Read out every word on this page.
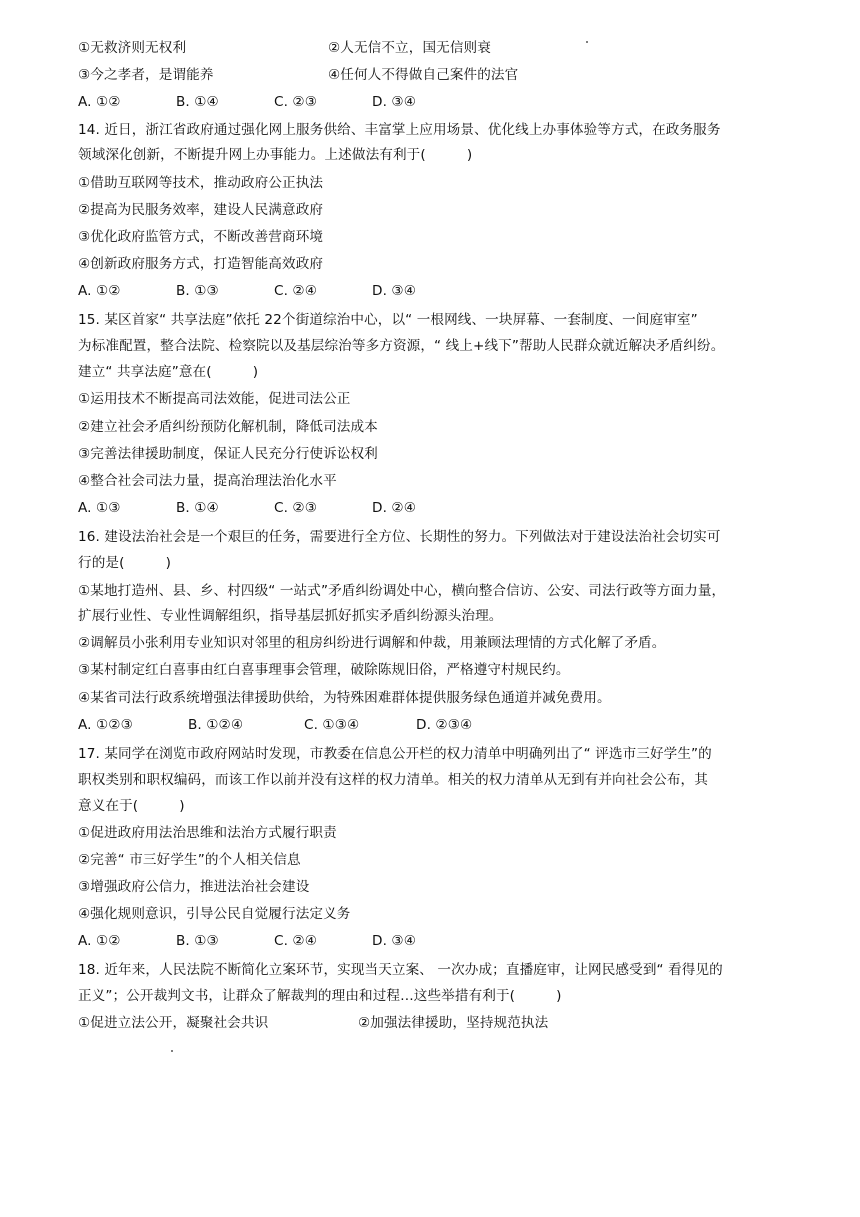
①无救济则无权利	②人无信不立，国无信则衰
③今之孝者，是谓能养	④任何人不得做自己案件的法官
A. ①②	B. ①④	C. ②③	D. ③④
14. 近日，浙江省政府通过强化网上服务供给、丰富掌上应用场景、优化线上办事体验等方式，在政务服务
领域深化创新，不断提升网上办事能力。上述做法有利于(　　　)
①借助互联网等技术，推动政府公正执法
②提高为民服务效率，建设人民满意政府
③优化政府监管方式，不断改善营商环境
④创新政府服务方式，打造智能高效政府
A. ①②	B. ①③	C. ②④	D. ③④
15. 某区首家“ 共享法庭”依托 22个街道综治中心，以“ 一根网线、一块屏幕、一套制度、一间庭审室”
为标准配置，整合法院、检察院以及基层综治等多方资源，“ 线上+线下”帮助人民群众就近解决矛盾纠纷。
建立“ 共享法庭”意在(　　　)
①运用技术不断提高司法效能，促进司法公正
②建立社会矛盾纠纷预防化解机制，降低司法成本
③完善法律援助制度，保证人民充分行使诉讼权利
④整合社会司法力量，提高治理法治化水平
A. ①③	B. ①④	C. ②③	D. ②④
16. 建设法治社会是一个艰巨的任务，需要进行全方位、长期性的努力。下列做法对于建设法治社会切实可
行的是(　　　)
①某地打造州、县、乡、村四级“ 一站式”矛盾纠纷调处中心，横向整合信访、公安、司法行政等方面力量，
扩展行业性、专业性调解组织，指导基层抓好抓实矛盾纠纷源头治理。
②调解员小张利用专业知识对邻里的租房纠纷进行调解和仲裁，用兼顾法理情的方式化解了矛盾。
③某村制定红白喜事由红白喜事理事会管理，破除陈规旧俗，严格遵守村规民约。
④某省司法行政系统增强法律援助供给，为特殊困难群体提供服务绿色通道并减免费用。
A. ①②③	B. ①②④	C. ①③④	D. ②③④
17. 某同学在浏览市政府网站时发现，市教委在信息公开栏的权力清单中明确列出了“ 评选市三好学生”的
职权类别和职权编码，而该工作以前并没有这样的权力清单。相关的权力清单从无到有并向社会公布，其
意义在于(　　　)
①促进政府用法治思维和法治方式履行职责
②完善“ 市三好学生”的个人相关信息
③增强政府公信力，推进法治社会建设
④强化规则意识，引导公民自觉履行法定义务
A. ①②	B. ①③	C. ②④	D. ③④
18. 近年来，人民法院不断简化立案环节，实现当天立案、 一次办成；直播庭审，让网民感受到“ 看得见的
正义”；公开裁判文书，让群众了解裁判的理由和过程…这些举措有利于(　　　)
①促进立法公开，凝聚社会共识	②加强法律援助，坚持规范执法
